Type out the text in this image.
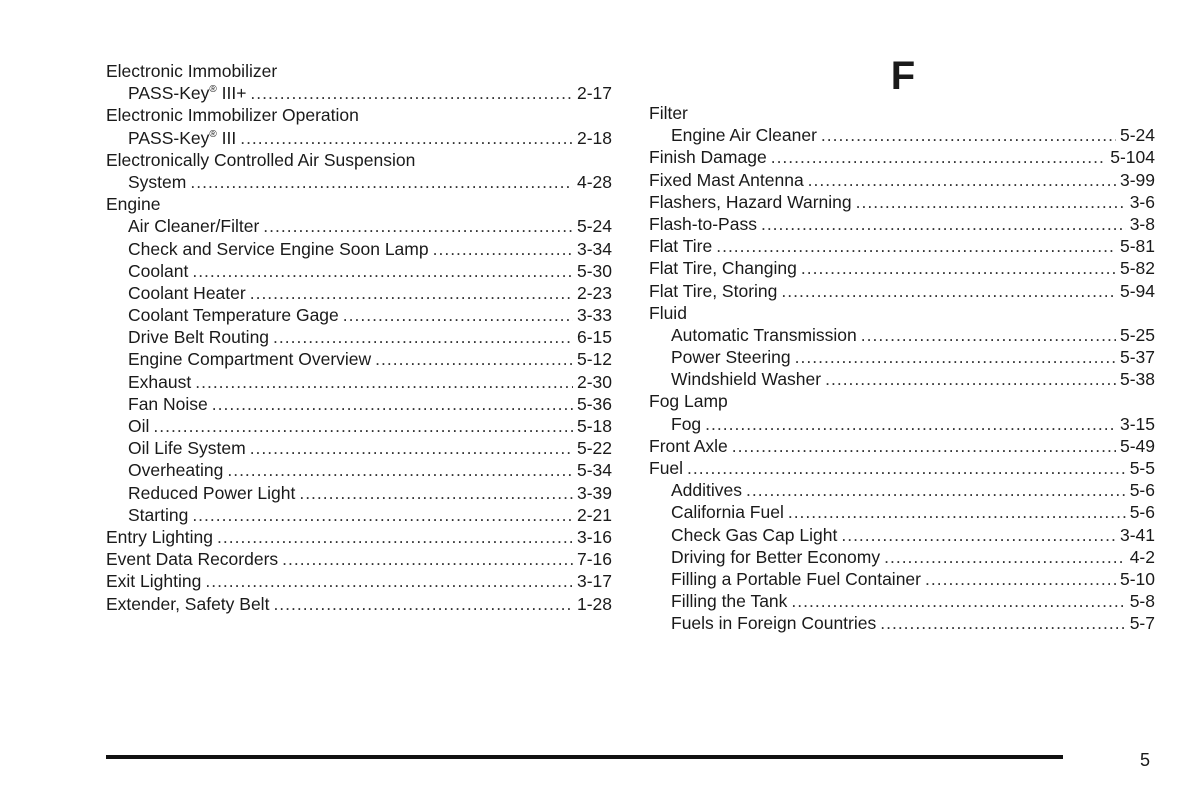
Electronic Immobilizer
PASS-Key® III+ .....	2-17
Electronic Immobilizer Operation
PASS-Key® III .....	2-18
Electronically Controlled Air Suspension
System .....	4-28
Engine
Air Cleaner/Filter .....	5-24
Check and Service Engine Soon Lamp .....	3-34
Coolant .....	5-30
Coolant Heater .....	2-23
Coolant Temperature Gage .....	3-33
Drive Belt Routing .....	6-15
Engine Compartment Overview .....	5-12
Exhaust .....	2-30
Fan Noise .....	5-36
Oil .....	5-18
Oil Life System .....	5-22
Overheating .....	5-34
Reduced Power Light .....	3-39
Starting .....	2-21
Entry Lighting .....	3-16
Event Data Recorders .....	7-16
Exit Lighting .....	3-17
Extender, Safety Belt .....	1-28
F
Filter
Engine Air Cleaner .....	5-24
Finish Damage .....	5-104
Fixed Mast Antenna .....	3-99
Flashers, Hazard Warning .....	3-6
Flash-to-Pass .....	3-8
Flat Tire .....	5-81
Flat Tire, Changing .....	5-82
Flat Tire, Storing .....	5-94
Fluid
Automatic Transmission .....	5-25
Power Steering .....	5-37
Windshield Washer .....	5-38
Fog Lamp
Fog .....	3-15
Front Axle .....	5-49
Fuel .....	5-5
Additives .....	5-6
California Fuel .....	5-6
Check Gas Cap Light .....	3-41
Driving for Better Economy .....	4-2
Filling a Portable Fuel Container .....	5-10
Filling the Tank .....	5-8
Fuels in Foreign Countries .....	5-7
5
